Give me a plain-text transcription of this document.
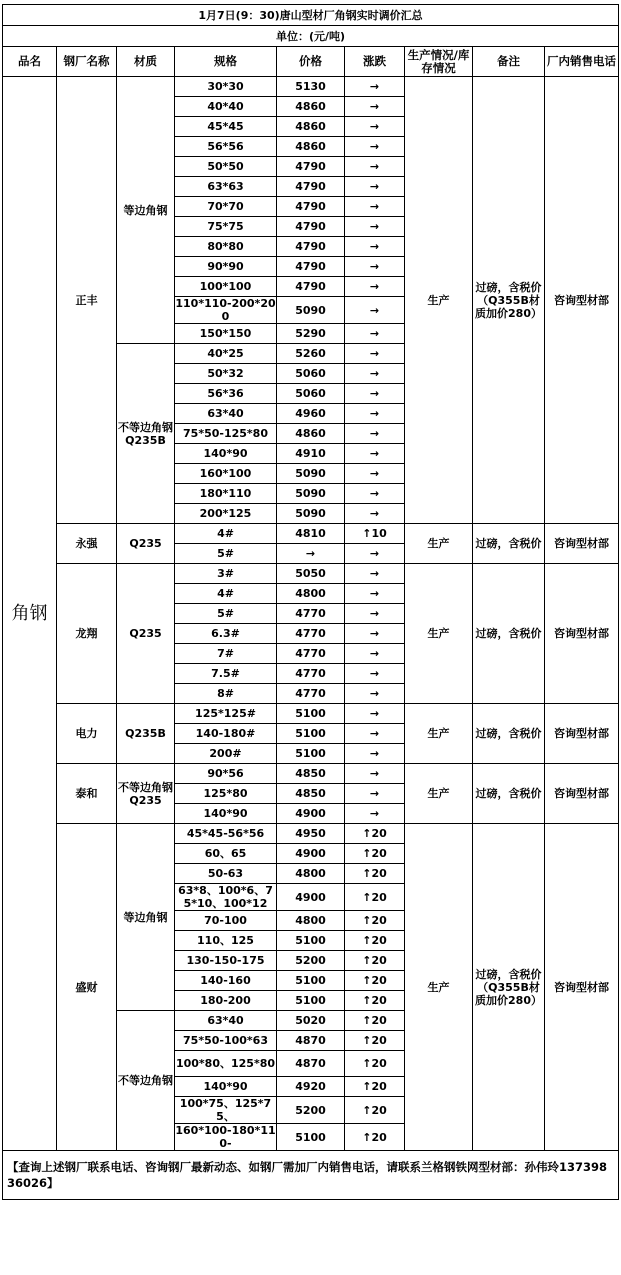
1月7日(9：30)唐山型材厂角钢实时调价汇总								
单位：(元/吨)								
品名	钢厂名称	材质	规格	价格	涨跌	生产情况/库存情况	备注	厂内销售电话
角钢	正丰	等边角钢	30*30	5130	→	生产	过磅，含税价（Q355B材质加价280）	咨询型材部
			40*40	4860	→			
			45*45	4860	→			
			56*56	4860	→			
			50*50	4790	→			
			63*63	4790	→			
			70*70	4790	→			
			75*75	4790	→			
			80*80	4790	→			
			90*90	4790	→			
			100*100	4790	→			
			110*110-200*200	5090	→			
			150*150	5290	→			
		不等边角钢Q235B	40*25	5260	→			
			50*32	5060	→			
			56*36	5060	→			
			63*40	4960	→			
			75*50-125*80	4860	→			
			140*90	4910	→			
			160*100	5090	→			
			180*110	5090	→			
			200*125	5090	→			
	永强	Q235	4#	4810	↑10	生产	过磅，含税价	咨询型材部
			5#	→	→			
	龙翔	Q235	3#	5050	→	生产	过磅，含税价	咨询型材部
			4#	4800	→			
			5#	4770	→			
			6.3#	4770	→			
			7#	4770	→			
			7.5#	4770	→			
			8#	4770	→			
	电力	Q235B	125*125#	5100	→	生产	过磅，含税价	咨询型材部
			140-180#	5100	→			
			200#	5100	→			
	泰和	不等边角钢Q235	90*56	4850	→	生产	过磅，含税价	咨询型材部
			125*80	4850	→			
			140*90	4900	→			
	盛财	等边角钢	45*45-56*56	4950	↑20	生产	过磅，含税价（Q355B材质加价280）	咨询型材部
			60、65	4900	↑20			
			50-63	4800	↑20			
			63*8、100*6、75*10、100*12	4900	↑20			
			70-100	4800	↑20			
			110、125	5100	↑20			
			130-150-175	5200	↑20			
			140-160	5100	↑20			
			180-200	5100	↑20			
		不等边角钢	63*40	5020	↑20			
			75*50-100*63	4870	↑20			
			100*80、125*80	4870	↑20			
			140*90	4920	↑20			
			100*75、125*75、	5200	↑20			
			160*100-180*110-	5100	↑20			
【查询上述钢厂联系电话、咨询钢厂最新动态、如钢厂需加厂内销售电话，请联系兰格钢铁网型材部：孙伟玲13739836026】								
